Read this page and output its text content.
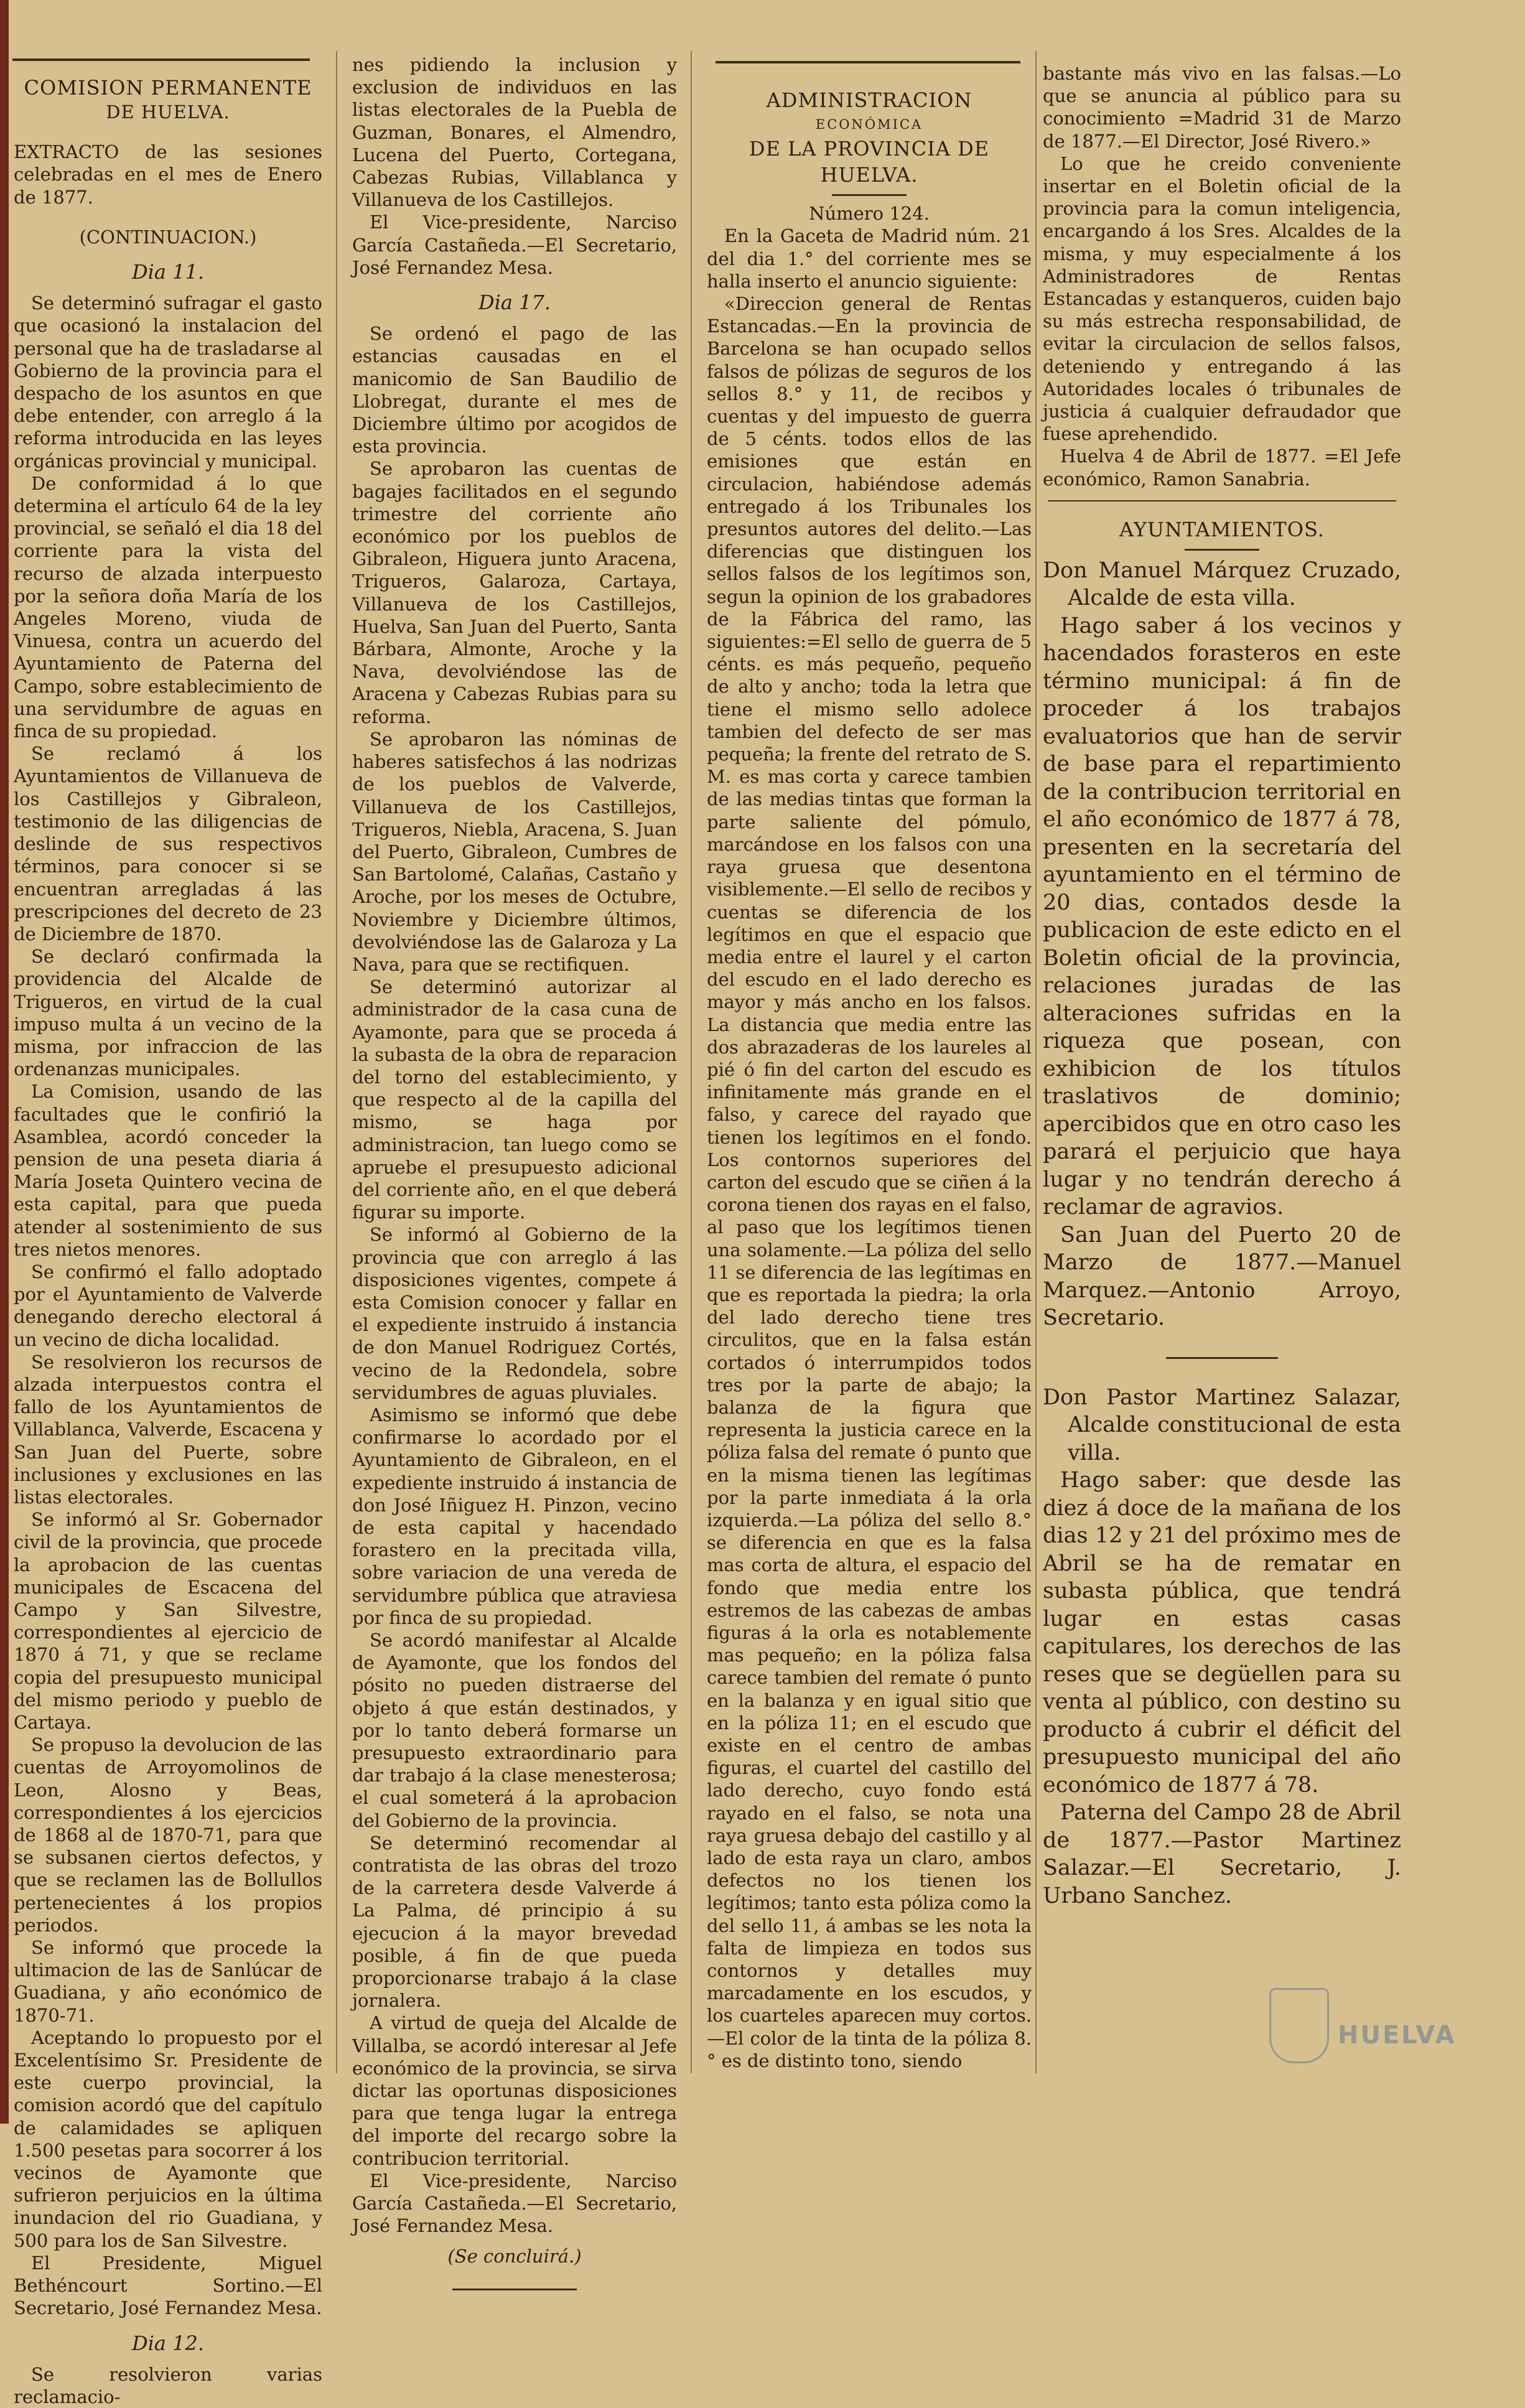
COMISION PERMANENTE

DE HUELVA.

EXTRACTO de las sesiones celebradas en el mes de Enero de 1877.

(CONTINUACION.)

Dia 11.

Se determinó sufragar el gasto que ocasionó la instalacion del personal que ha de trasladarse al Gobierno de la provincia para el despacho de los asuntos en que debe entender, con arreglo á la reforma introducida en las leyes orgánicas provincial y municipal.

De conformidad á lo que determina el artículo 64 de la ley provincial, se señaló el dia 18 del corriente para la vista del recurso de alzada interpuesto por la señora doña María de los Angeles Moreno, viuda de Vinuesa, contra un acuerdo del Ayuntamiento de Paterna del Campo, sobre establecimiento de una servidumbre de aguas en finca de su propiedad.

Se reclamó á los Ayuntamientos de Villanueva de los Castillejos y Gibraleon, testimonio de las diligencias de deslinde de sus respectivos términos, para conocer si se encuentran arregladas á las prescripciones del decreto de 23 de Diciembre de 1870.

Se declaró confirmada la providencia del Alcalde de Trigueros, en virtud de la cual impuso multa á un vecino de la misma, por infraccion de las ordenanzas municipales.

La Comision, usando de las facultades que le confirió la Asamblea, acordó conceder la pension de una peseta diaria á María Joseta Quintero vecina de esta capital, para que pueda atender al sostenimiento de sus tres nietos menores.

Se confirmó el fallo adoptado por el Ayuntamiento de Valverde denegando derecho electoral á un vecino de dicha localidad.

Se resolvieron los recursos de alzada interpuestos contra el fallo de los Ayuntamientos de Villablanca, Valverde, Escacena y San Juan del Puerte, sobre inclusiones y exclusiones en las listas electorales.

Se informó al Sr. Gobernador civil de la provincia, que procede la aprobacion de las cuentas municipales de Escacena del Campo y San Silvestre, correspondientes al ejercicio de 1870 á 71, y que se reclame copia del presupuesto municipal del mismo periodo y pueblo de Cartaya.

Se propuso la devolucion de las cuentas de Arroyomolinos de Leon, Alosno y Beas, correspondientes á los ejercicios de 1868 al de 1870-71, para que se subsanen ciertos defectos, y que se reclamen las de Bollullos pertenecientes á los propios periodos.

Se informó que procede la ultimacion de las de Sanlúcar de Guadiana, y año económico de 1870-71.

Aceptando lo propuesto por el Excelentísimo Sr. Presidente de este cuerpo provincial, la comision acordó que del capítulo de calamidades se apliquen 1.500 pesetas para socorrer á los vecinos de Ayamonte que sufrieron perjuicios en la última inundacion del rio Guadiana, y 500 para los de San Silvestre.

El Presidente, Miguel Bethéncourt Sortino.—El Secretario, José Fernandez Mesa.

Dia 12.

Se resolvieron varias reclamacio-

nes pidiendo la inclusion y exclusion de individuos en las listas electorales de la Puebla de Guzman, Bonares, el Almendro, Lucena del Puerto, Cortegana, Cabezas Rubias, Villablanca y Villanueva de los Castillejos.

El Vice-presidente, Narciso García Castañeda.—El Secretario, José Fernandez Mesa.

Dia 17.

Se ordenó el pago de las estancias causadas en el manicomio de San Baudilio de Llobregat, durante el mes de Diciembre último por acogidos de esta provincia.

Se aprobaron las cuentas de bagajes facilitados en el segundo trimestre del corriente año económico por los pueblos de Gibraleon, Higuera junto Aracena, Trigueros, Galaroza, Cartaya, Villanueva de los Castillejos, Huelva, San Juan del Puerto, Santa Bárbara, Almonte, Aroche y la Nava, devolviéndose las de Aracena y Cabezas Rubias para su reforma.

Se aprobaron las nóminas de haberes satisfechos á las nodrizas de los pueblos de Valverde, Villanueva de los Castillejos, Trigueros, Niebla, Aracena, S. Juan del Puerto, Gibraleon, Cumbres de San Bartolomé, Calañas, Castaño y Aroche, por los meses de Octubre, Noviembre y Diciembre últimos, devolviéndose las de Galaroza y La Nava, para que se rectifiquen.

Se determinó autorizar al administrador de la casa cuna de Ayamonte, para que se proceda á la subasta de la obra de reparacion del torno del establecimiento, y que respecto al de la capilla del mismo, se haga por administracion, tan luego como se apruebe el presupuesto adicional del corriente año, en el que deberá figurar su importe.

Se informó al Gobierno de la provincia que con arreglo á las disposiciones vigentes, compete á esta Comision conocer y fallar en el expediente instruido á instancia de don Manuel Rodriguez Cortés, vecino de la Redondela, sobre servidumbres de aguas pluviales.

Asimismo se informó que debe confirmarse lo acordado por el Ayuntamiento de Gibraleon, en el expediente instruido á instancia de don José Iñiguez H. Pinzon, vecino de esta capital y hacendado forastero en la precitada villa, sobre variacion de una vereda de servidumbre pública que atraviesa por finca de su propiedad.

Se acordó manifestar al Alcalde de Ayamonte, que los fondos del pósito no pueden distraerse del objeto á que están destinados, y por lo tanto deberá formarse un presupuesto extraordinario para dar trabajo á la clase menesterosa; el cual someterá á la aprobacion del Gobierno de la provincia.

Se determinó recomendar al contratista de las obras del trozo de la carretera desde Valverde á La Palma, dé principio á su ejecucion á la mayor brevedad posible, á fin de que pueda proporcionarse trabajo á la clase jornalera.

A virtud de queja del Alcalde de Villalba, se acordó interesar al Jefe económico de la provincia, se sirva dictar las oportunas disposiciones para que tenga lugar la entrega del importe del recargo sobre la contribucion territorial.

El Vice-presidente, Narciso García Castañeda.—El Secretario, José Fernandez Mesa.

(Se concluirá.)

ADMINISTRACION

ECONÓMICA

DE LA PROVINCIA DE HUELVA.

Número 124.

En la Gaceta de Madrid núm. 21 del dia 1.° del corriente mes se halla inserto el anuncio siguiente:

«Direccion general de Rentas Estancadas.—En la provincia de Barcelona se han ocupado sellos falsos de pólizas de seguros de los sellos 8.° y 11, de recibos y cuentas y del impuesto de guerra de 5 cénts. todos ellos de las emisiones que están en circulacion, habiéndose además entregado á los Tribunales los presuntos autores del delito.—Las diferencias que distinguen los sellos falsos de los legítimos son, segun la opinion de los grabadores de la Fábrica del ramo, las siguientes:=El sello de guerra de 5 cénts. es más pequeño, pequeño de alto y ancho; toda la letra que tiene el mismo sello adolece tambien del defecto de ser mas pequeña; la frente del retrato de S. M. es mas corta y carece tambien de las medias tintas que forman la parte saliente del pómulo, marcándose en los falsos con una raya gruesa que desentona visiblemente.—El sello de recibos y cuentas se diferencia de los legítimos en que el espacio que media entre el laurel y el carton del escudo en el lado derecho es mayor y más ancho en los falsos. La distancia que media entre las dos abrazaderas de los laureles al pié ó fin del carton del escudo es infinitamente más grande en el falso, y carece del rayado que tienen los legítimos en el fondo. Los contornos superiores del carton del escudo que se ciñen á la corona tienen dos rayas en el falso, al paso que los legítimos tienen una solamente.—La póliza del sello 11 se diferencia de las legítimas en que es reportada la piedra; la orla del lado derecho tiene tres circulitos, que en la falsa están cortados ó interrumpidos todos tres por la parte de abajo; la balanza de la figura que representa la justicia carece en la póliza falsa del remate ó punto que en la misma tienen las legítimas por la parte inmediata á la orla izquierda.—La póliza del sello 8.° se diferencia en que es la falsa mas corta de altura, el espacio del fondo que media entre los estremos de las cabezas de ambas figuras á la orla es notablemente mas pequeño; en la póliza falsa carece tambien del remate ó punto en la balanza y en igual sitio que en la póliza 11; en el escudo que existe en el centro de ambas figuras, el cuartel del castillo del lado derecho, cuyo fondo está rayado en el falso, se nota una raya gruesa debajo del castillo y al lado de esta raya un claro, ambos defectos no los tienen los legítimos; tanto esta póliza como la del sello 11, á ambas se les nota la falta de limpieza en todos sus contornos y detalles muy marcadamente en los escudos, y los cuarteles aparecen muy cortos.—El color de la tinta de la póliza 8.° es de distinto tono, siendo

bastante más vivo en las falsas.—Lo que se anuncia al público para su conocimiento =Madrid 31 de Marzo de 1877.—El Director, José Rivero.»

Lo que he creido conveniente insertar en el Boletin oficial de la provincia para la comun inteligencia, encargando á los Sres. Alcaldes de la misma, y muy especialmente á los Administradores de Rentas Estancadas y estanqueros, cuiden bajo su más estrecha responsabilidad, de evitar la circulacion de sellos falsos, deteniendo y entregando á las Autoridades locales ó tribunales de justicia á cualquier defraudador que fuese aprehendido.

Huelva 4 de Abril de 1877. =El Jefe económico, Ramon Sanabria.

AYUNTAMIENTOS.

Don Manuel Márquez Cruzado, Alcalde de esta villa.

Hago saber á los vecinos y hacendados forasteros en este término municipal: á fin de proceder á los trabajos evaluatorios que han de servir de base para el repartimiento de la contribucion territorial en el año económico de 1877 á 78, presenten en la secretaría del ayuntamiento en el término de 20 dias, contados desde la publicacion de este edicto en el Boletin oficial de la provincia, relaciones juradas de las alteraciones sufridas en la riqueza que posean, con exhibicion de los títulos traslativos de dominio; apercibidos que en otro caso les parará el perjuicio que haya lugar y no tendrán derecho á reclamar de agravios.

San Juan del Puerto 20 de Marzo de 1877.—Manuel Marquez.—Antonio Arroyo, Secretario.

Don Pastor Martinez Salazar, Alcalde constitucional de esta villa.

Hago saber: que desde las diez á doce de la mañana de los dias 12 y 21 del próximo mes de Abril se ha de rematar en subasta pública, que tendrá lugar en estas casas capitulares, los derechos de las reses que se degüellen para su venta al público, con destino su producto á cubrir el déficit del presupuesto municipal del año económico de 1877 á 78.

Paterna del Campo 28 de Abril de 1877.—Pastor Martinez Salazar.—El Secretario, J. Urbano Sanchez.

HUELVA
